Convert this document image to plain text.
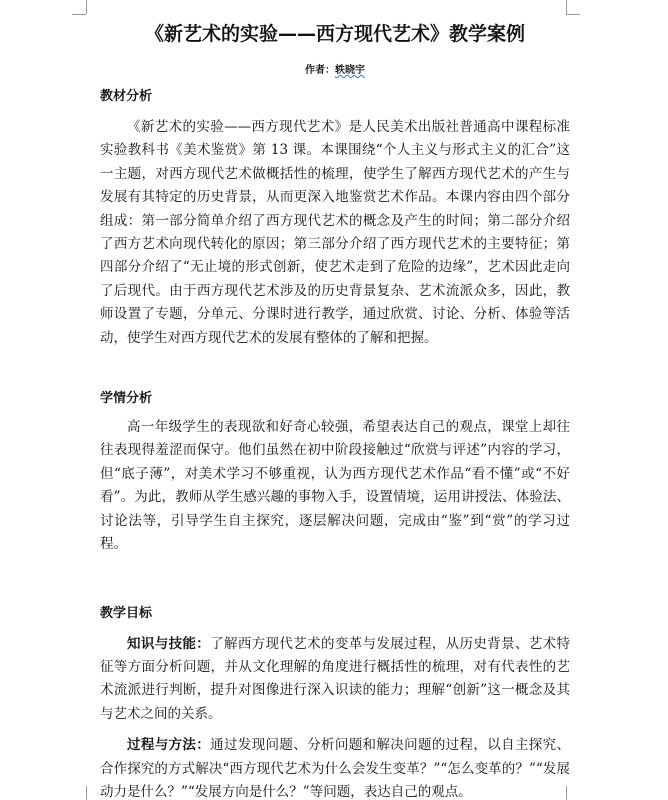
《新艺术的实验——西方现代艺术》教学案例
作者：轶晓宇
教材分析

《新艺术的实验——西方现代艺术》是人民美术出版社普通高中课程标准实验教科书《美术鉴赏》第 13 课。本课围绕“个人主义与形式主义的汇合”这一主题，对西方现代艺术做概括性的梳理，使学生了解西方现代艺术的产生与发展有其特定的历史背景，从而更深入地鉴赏艺术作品。本课内容由四个部分组成：第一部分简单介绍了西方现代艺术的概念及产生的时间；第二部分介绍了西方艺术向现代转化的原因；第三部分介绍了西方现代艺术的主要特征；第四部分介绍了“无止境的形式创新，使艺术走到了危险的边缘”，艺术因此走向了后现代。由于西方现代艺术涉及的历史背景复杂、艺术流派众多，因此，教师设置了专题，分单元、分课时进行教学，通过欣赏、讨论、分析、体验等活动，使学生对西方现代艺术的发展有整体的了解和把握。

学情分析

高一年级学生的表现欲和好奇心较强，希望表达自己的观点，课堂上却往往表现得羞涩而保守。他们虽然在初中阶段接触过“欣赏与评述”内容的学习，但“底子薄”，对美术学习不够重视，认为西方现代艺术作品“看不懂”或“不好看”。为此，教师从学生感兴趣的事物入手，设置情境，运用讲授法、体验法、讨论法等，引导学生自主探究，逐层解决问题，完成由“鉴”到“赏”的学习过程。

教学目标

知识与技能：了解西方现代艺术的变革与发展过程，从历史背景、艺术特征等方面分析问题，并从文化理解的角度进行概括性的梳理，对有代表性的艺术流派进行判断，提升对图像进行深入识读的能力；理解“创新”这一概念及其与艺术之间的关系。

过程与方法：通过发现问题、分析问题和解决问题的过程，以自主探究、合作探究的方式解决“西方现代艺术为什么会发生变革？”“怎么变革的？”“发展动力是什么？”“发展方向是什么？”等问题，表达自己的观点。
